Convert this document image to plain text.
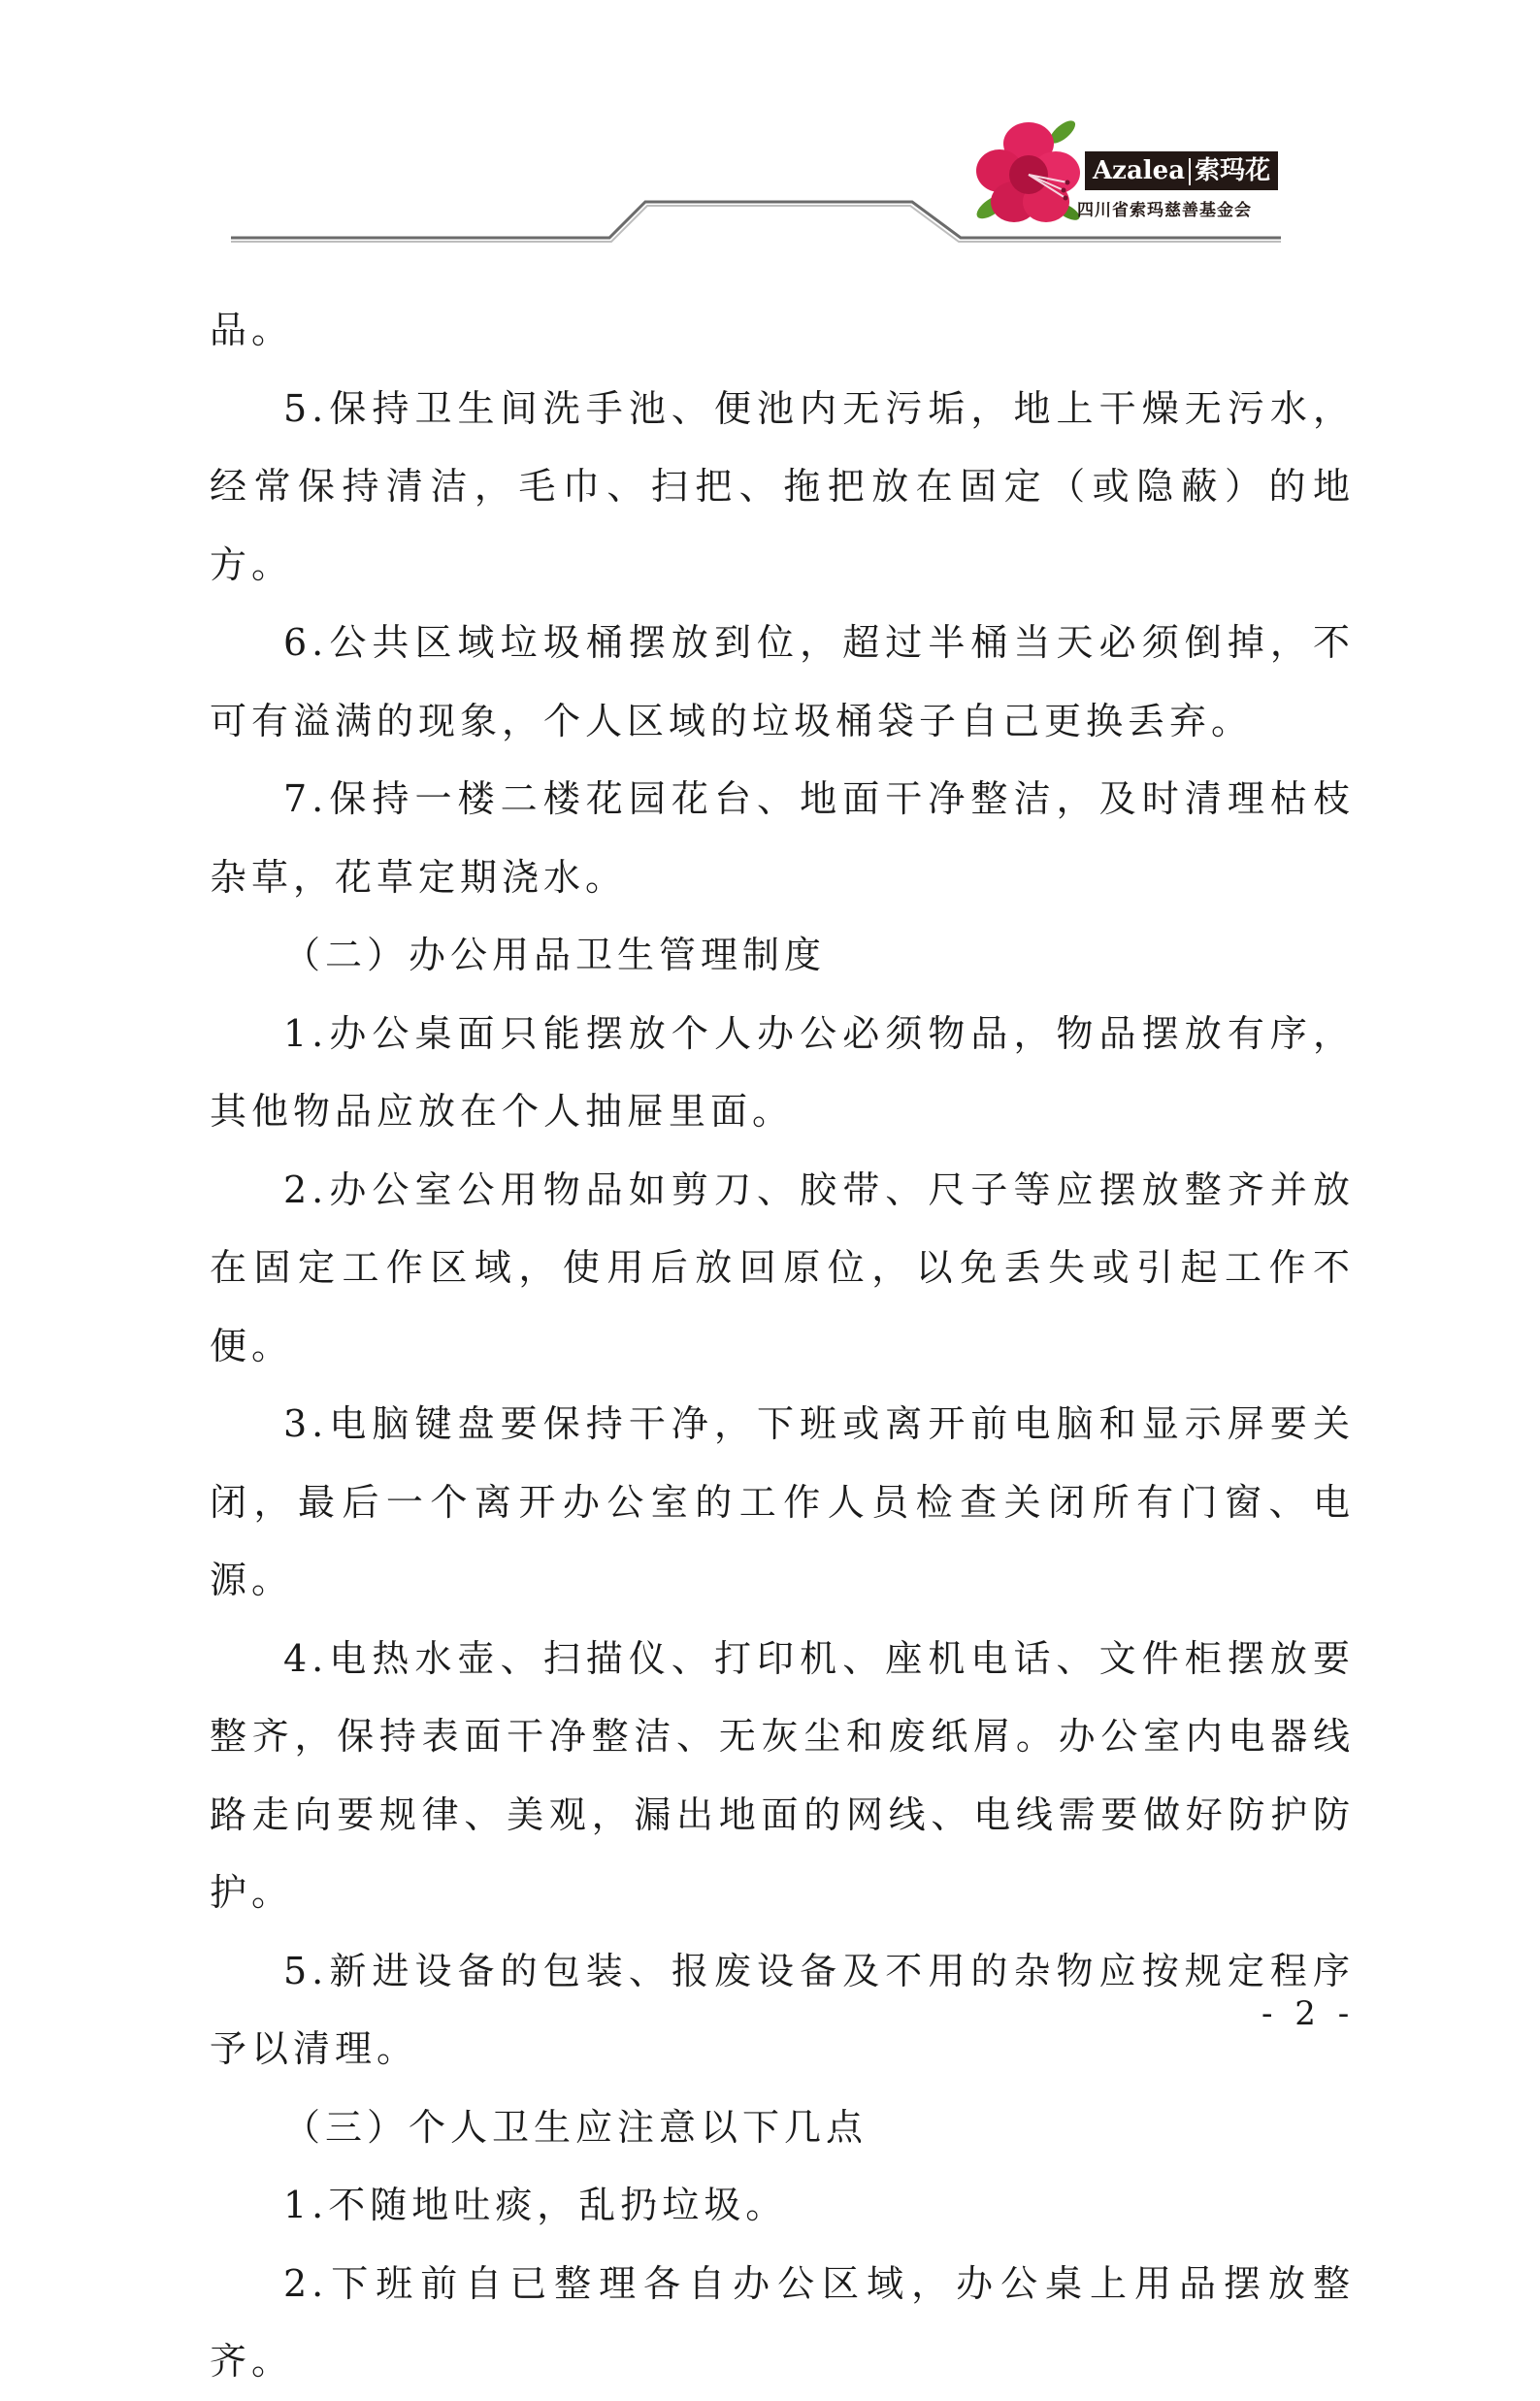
Azalea 索玛花
四川省索玛慈善基金会

品。

5.保持卫生间洗手池、便池内无污垢，地上干燥无污水，经常保持清洁，毛巾、扫把、拖把放在固定（或隐蔽）的地方。

6.公共区域垃圾桶摆放到位，超过半桶当天必须倒掉，不可有溢满的现象，个人区域的垃圾桶袋子自己更换丢弃。

7.保持一楼二楼花园花台、地面干净整洁，及时清理枯枝杂草，花草定期浇水。

（二）办公用品卫生管理制度

1.办公桌面只能摆放个人办公必须物品，物品摆放有序，其他物品应放在个人抽屉里面。

2.办公室公用物品如剪刀、胶带、尺子等应摆放整齐并放在固定工作区域，使用后放回原位，以免丢失或引起工作不便。

3.电脑键盘要保持干净，下班或离开前电脑和显示屏要关闭，最后一个离开办公室的工作人员检查关闭所有门窗、电源。

4.电热水壶、扫描仪、打印机、座机电话、文件柜摆放要整齐，保持表面干净整洁、无灰尘和废纸屑。办公室内电器线路走向要规律、美观，漏出地面的网线、电线需要做好防护防护。

5.新进设备的包装、报废设备及不用的杂物应按规定程序予以清理。

（三）个人卫生应注意以下几点

1.不随地吐痰，乱扔垃圾。

2.下班前自已整理各自办公区域，办公桌上用品摆放整齐。

- 2 -
